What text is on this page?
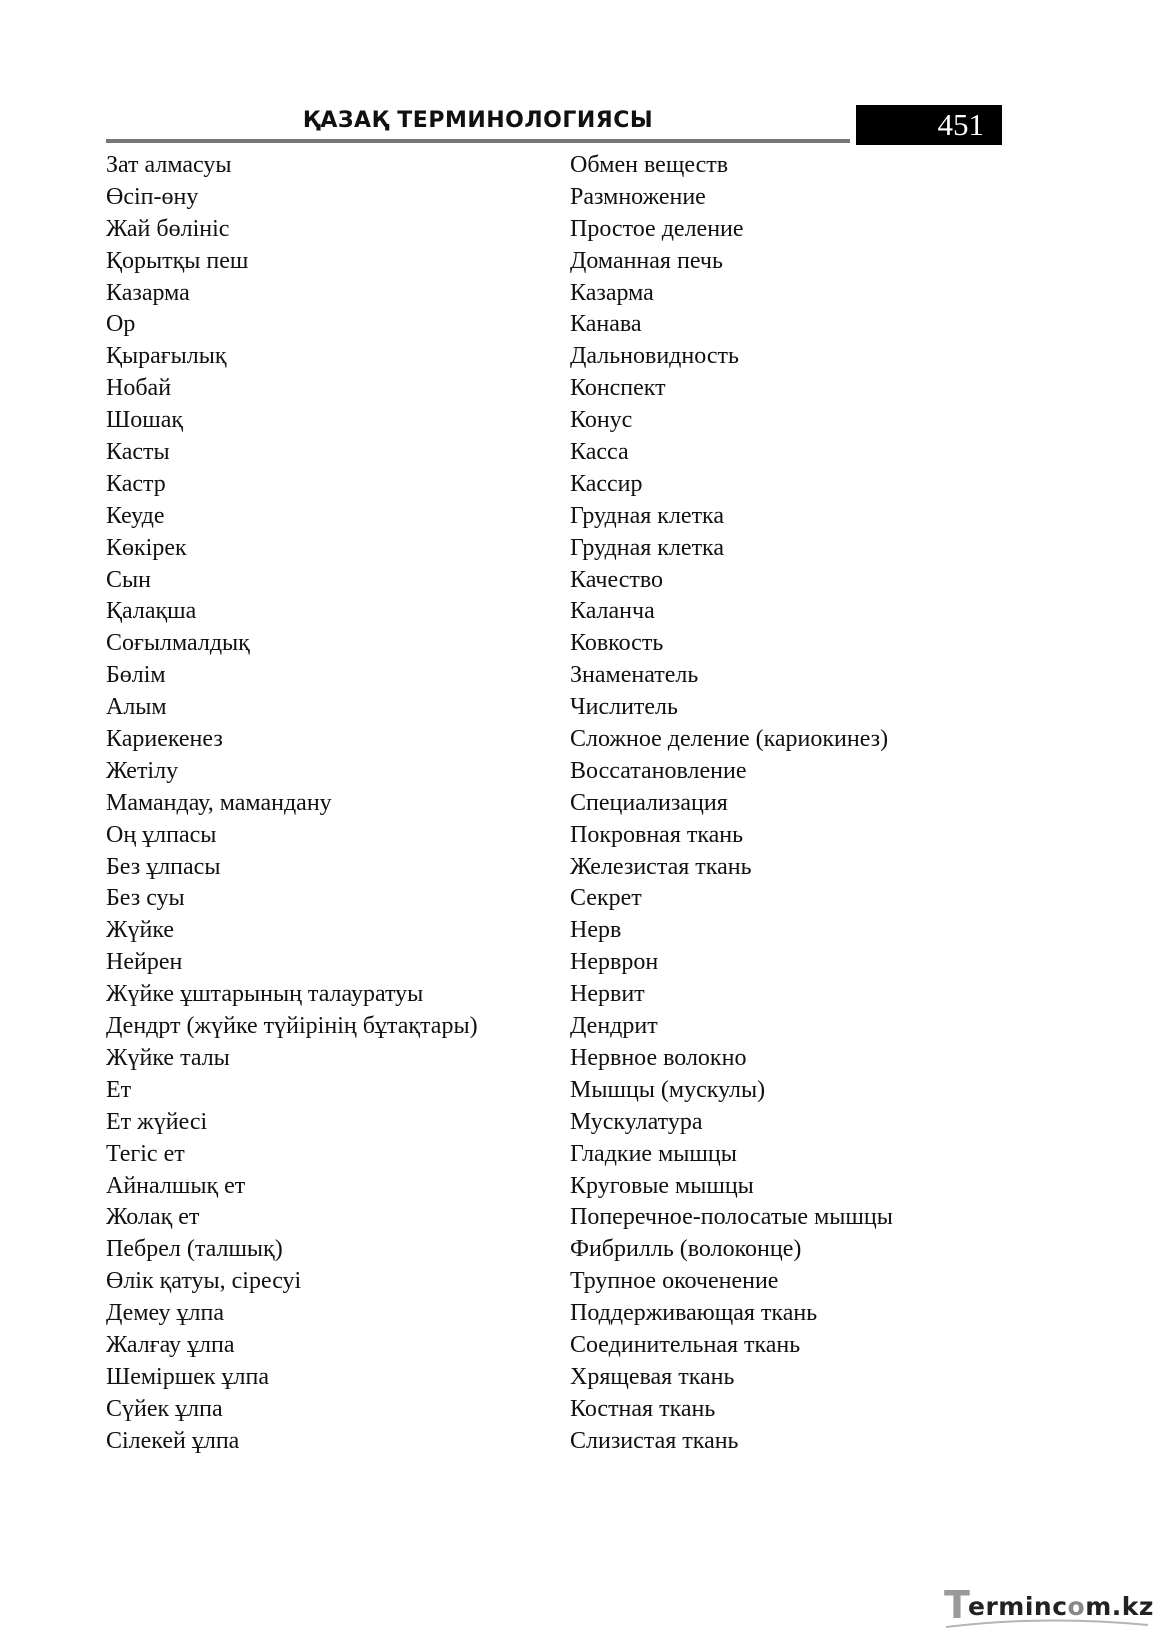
ҚАЗАҚ ТЕРМИНОЛОГИЯСЫ	451
Зат алмасуы	Обмен веществ
Өсіп-өну	Размножение
Жай бөлініс	Простое деление
Қорытқы пеш	Доманная печь
Казарма	Казарма
Ор	Канава
Қырағылық	Дальновидность
Нобай	Конспект
Шошақ	Конус
Касты	Касса
Кастр	Кассир
Кеуде	Грудная клетка
Көкірек	Грудная клетка
Сын	Качество
Қалақша	Каланча
Соғылмалдық	Ковкость
Бөлім	Знаменатель
Алым	Числитель
Кариекенез	Сложное деление (кариокинез)
Жетілу	Воссатановление
Мамандау, мамандану	Специализация
Оң ұлпасы	Покровная ткань
Без ұлпасы	Железистая ткань
Без суы	Секрет
Жүйке	Нерв
Нейрен	Нерврон
Жүйке ұштарының талауратуы	Нервит
Дендрт (жүйке түйірінің бұтақтары)	Дендрит
Жүйке талы	Нервное волокно
Ет	Мышцы (мускулы)
Ет жүйесі	Мускулатура
Тегіс ет	Гладкие мышцы
Айналшық ет	Круговые мышцы
Жолақ ет	Поперечное-полосатые мышцы
Пебрел (талшық)	Фибрилль (волоконце)
Өлік қатуы, сіресуі	Трупное окоченение
Демеу ұлпа	Поддерживающая ткань
Жалғау ұлпа	Соединительная ткань
Шеміршек ұлпа	Хрящевая ткань
Сүйек ұлпа	Костная ткань
Сілекей ұлпа	Слизистая ткань
T
ermincom.kz
